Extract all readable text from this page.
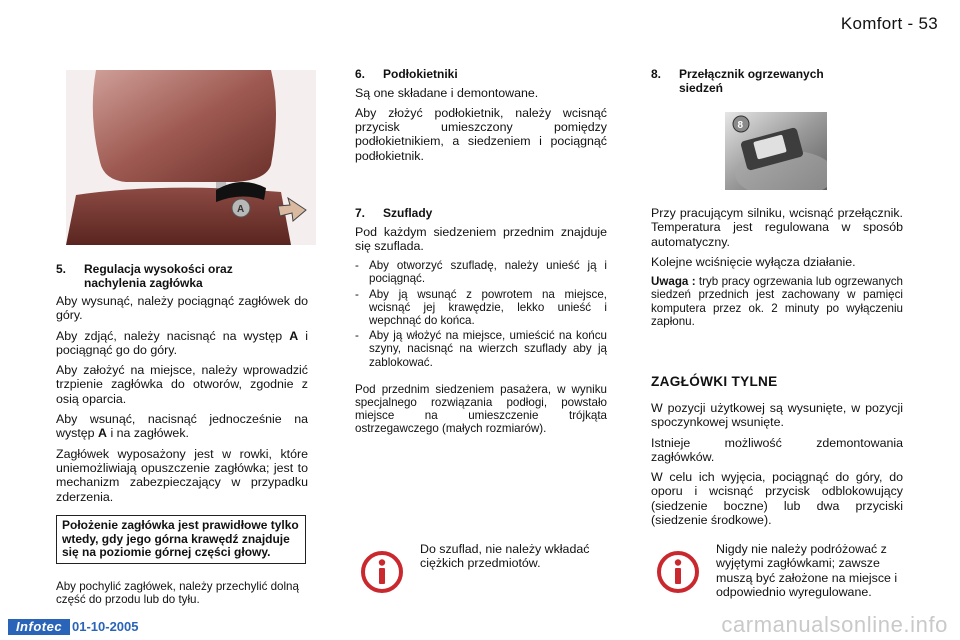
Komfort - 53
A
5. Regulacja wysokości oraz
nachylenia zagłówka

Aby wysunąć, należy pociągnąć zagłówek do góry.

Aby zdjąć, należy nacisnąć na występ A i pociągnąć go do góry.

Aby założyć na miejsce, należy wprowadzić trzpienie zagłówka do otworów, zgodnie z osią oparcia.

Aby wsunąć, nacisnąć jednocześnie na występ A i na zagłówek.

Zagłówek wyposażony jest w rowki, które uniemożliwiają opuszczenie zagłówka; jest to mechanizm zabezpieczający w przypadku zderzenia.

Położenie zagłówka jest prawidłowe tylko wtedy, gdy jego górna krawędź znajduje się na poziomie górnej części głowy.
Aby pochylić zagłówek, należy przechylić dolną część do przodu lub do tyłu.
6. Podłokietniki

Są one składane i demontowane.

Aby złożyć podłokietnik, należy wcisnąć przycisk umieszczony pomiędzy podłokietnikiem, a siedzeniem i pociągnąć podłokietnik.

7. Szuflady

Pod każdym siedzeniem przednim znajduje się szuflada.

- Aby otworzyć szufladę, należy unieść ją i pociągnąć.
- Aby ją wsunąć z powrotem na miejsce, wcisnąć jej krawędzie, lekko unieść i wepchnąć do końca.
- Aby ją włożyć na miejsce, umieścić na końcu szyny, nacisnąć na wierzch szuflady aby ją zablokować.

Pod przednim siedzeniem pasażera, w wyniku specjalnego rozwiązania podłogi, powstało miejsce na umieszczenie trójkąta ostrzegawczego (małych rozmiarów).

Do szuflad, nie należy wkładać ciężkich przedmiotów.
8. Przełącznik ogrzewanych
siedzeń
8

Przy pracującym silniku, wcisnąć przełącznik. Temperatura jest regulowana w sposób automatyczny.

Kolejne wciśnięcie wyłącza działanie.

Uwaga : tryb pracy ogrzewania lub ogrzewanych siedzeń przednich jest zachowany w pamięci komputera przez ok. 2 minuty po wyłączeniu zapłonu.

ZAGŁÓWKI TYLNE

W pozycji użytkowej są wysunięte, w pozycji spoczynkowej wsunięte.

Istnieje możliwość zdemontowania zagłówków.

W celu ich wyjęcia, pociągnąć do góry, do oporu i wcisnąć przycisk odblokowujący (siedzenie boczne) lub dwa przyciski (siedzenie środkowe).

Nigdy nie należy podróżować z wyjętymi zagłówkami; zawsze muszą być założone na miejsce i odpowiednio wyregulowane.
Infotec 01-10-2005	carmanualsonline.info
